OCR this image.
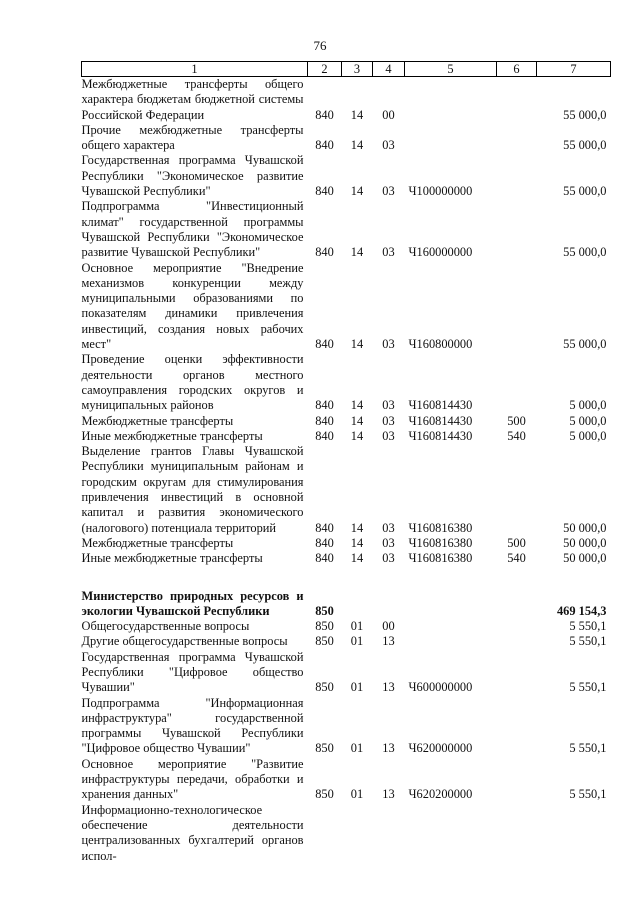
76
1	2	3	4	5	6	7
Межбюджетные трансферты общего характера бюджетам бюджетной системы Российской Федерации	840	14	00			55 000,0
Прочие межбюджетные трансферты общего характера	840	14	03			55 000,0
Государственная программа Чувашской Республики "Экономическое развитие Чувашской Республики"	840	14	03	Ч100000000		55 000,0
Подпрограмма "Инвестиционный климат" государственной программы Чувашской Республики "Экономическое развитие Чувашской Республики"	840	14	03	Ч160000000		55 000,0
Основное мероприятие "Внедрение механизмов конкуренции между муниципальными образованиями по показателям динамики привлечения инвестиций, создания новых рабочих мест"	840	14	03	Ч160800000		55 000,0
Проведение оценки эффективности деятельности органов местного самоуправления городских округов и муниципальных районов	840	14	03	Ч160814430		5 000,0
Межбюджетные трансферты	840	14	03	Ч160814430	500	5 000,0
Иные межбюджетные трансферты	840	14	03	Ч160814430	540	5 000,0
Выделение грантов Главы Чувашской Республики муниципальным районам и городским округам для стимулирования привлечения инвестиций в основной капитал и развития экономического (налогового) потенциала территорий	840	14	03	Ч160816380		50 000,0
Межбюджетные трансферты	840	14	03	Ч160816380	500	50 000,0
Иные межбюджетные трансферты	840	14	03	Ч160816380	540	50 000,0

Министерство природных ресурсов и экологии Чувашской Республики	850					469 154,3
Общегосударственные вопросы	850	01	00			5 550,1
Другие общегосударственные вопросы	850	01	13			5 550,1
Государственная программа Чувашской Республики "Цифровое общество Чувашии"	850	01	13	Ч600000000		5 550,1
Подпрограмма "Информационная инфраструктура" государственной программы Чувашской Республики "Цифровое общество Чувашии"	850	01	13	Ч620000000		5 550,1
Основное мероприятие "Развитие инфраструктуры передачи, обработки и хранения данных"	850	01	13	Ч620200000		5 550,1
Информационно-технологическое обеспечение деятельности централизованных бухгалтерий органов испол-						
